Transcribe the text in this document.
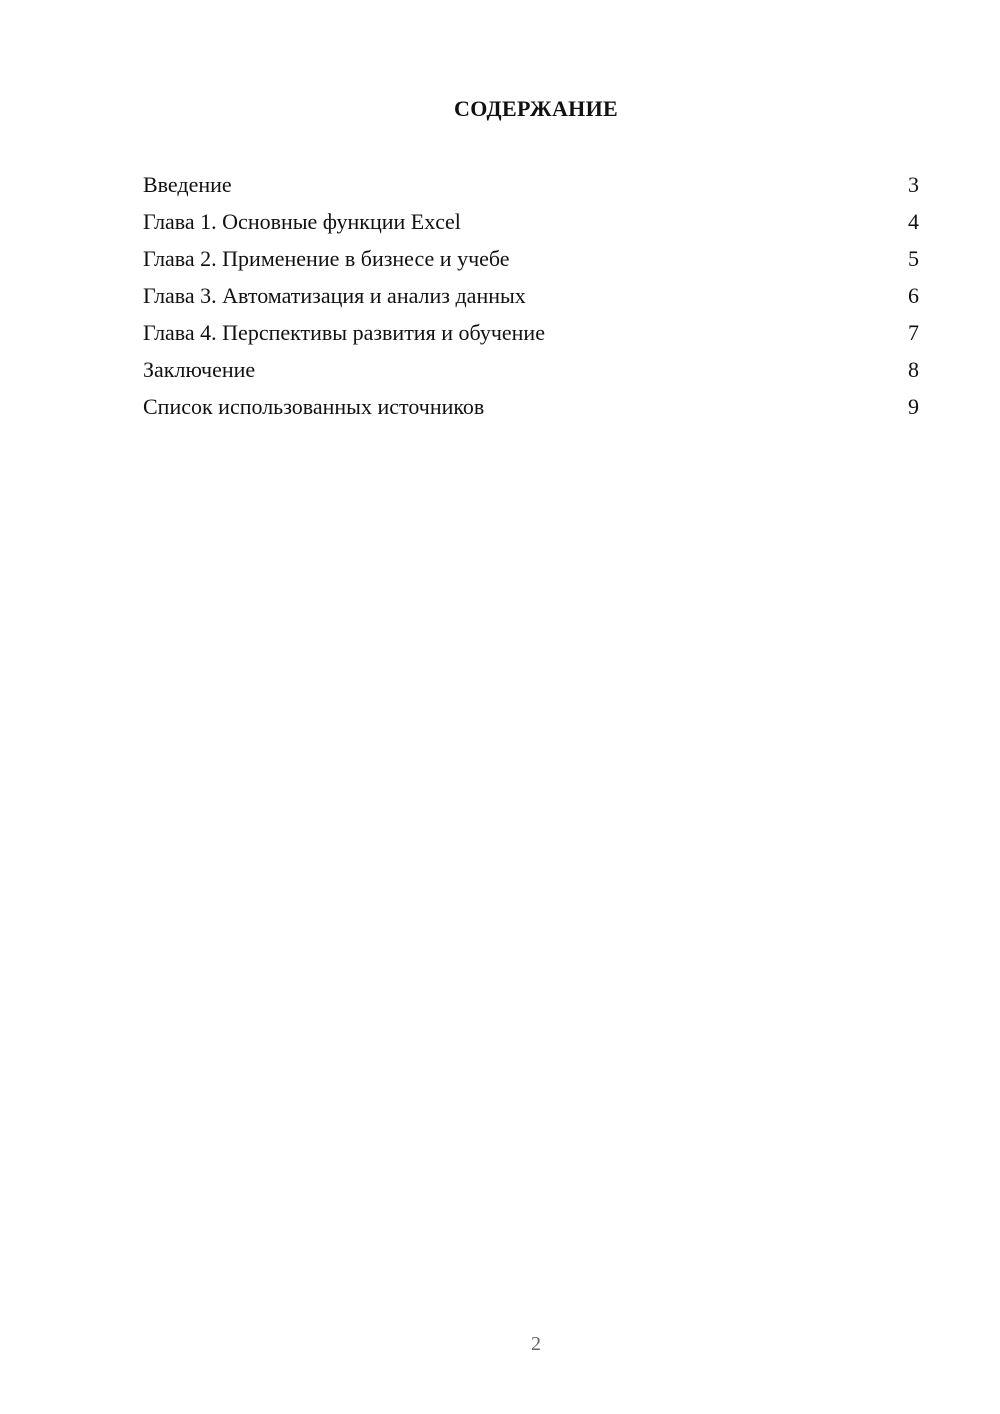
СОДЕРЖАНИЕ
Введение	3
Глава 1. Основные функции Excel	4
Глава 2. Применение в бизнесе и учебе	5
Глава 3. Автоматизация и анализ данных	6
Глава 4. Перспективы развития и обучение	7
Заключение	8
Список использованных источников	9
2
